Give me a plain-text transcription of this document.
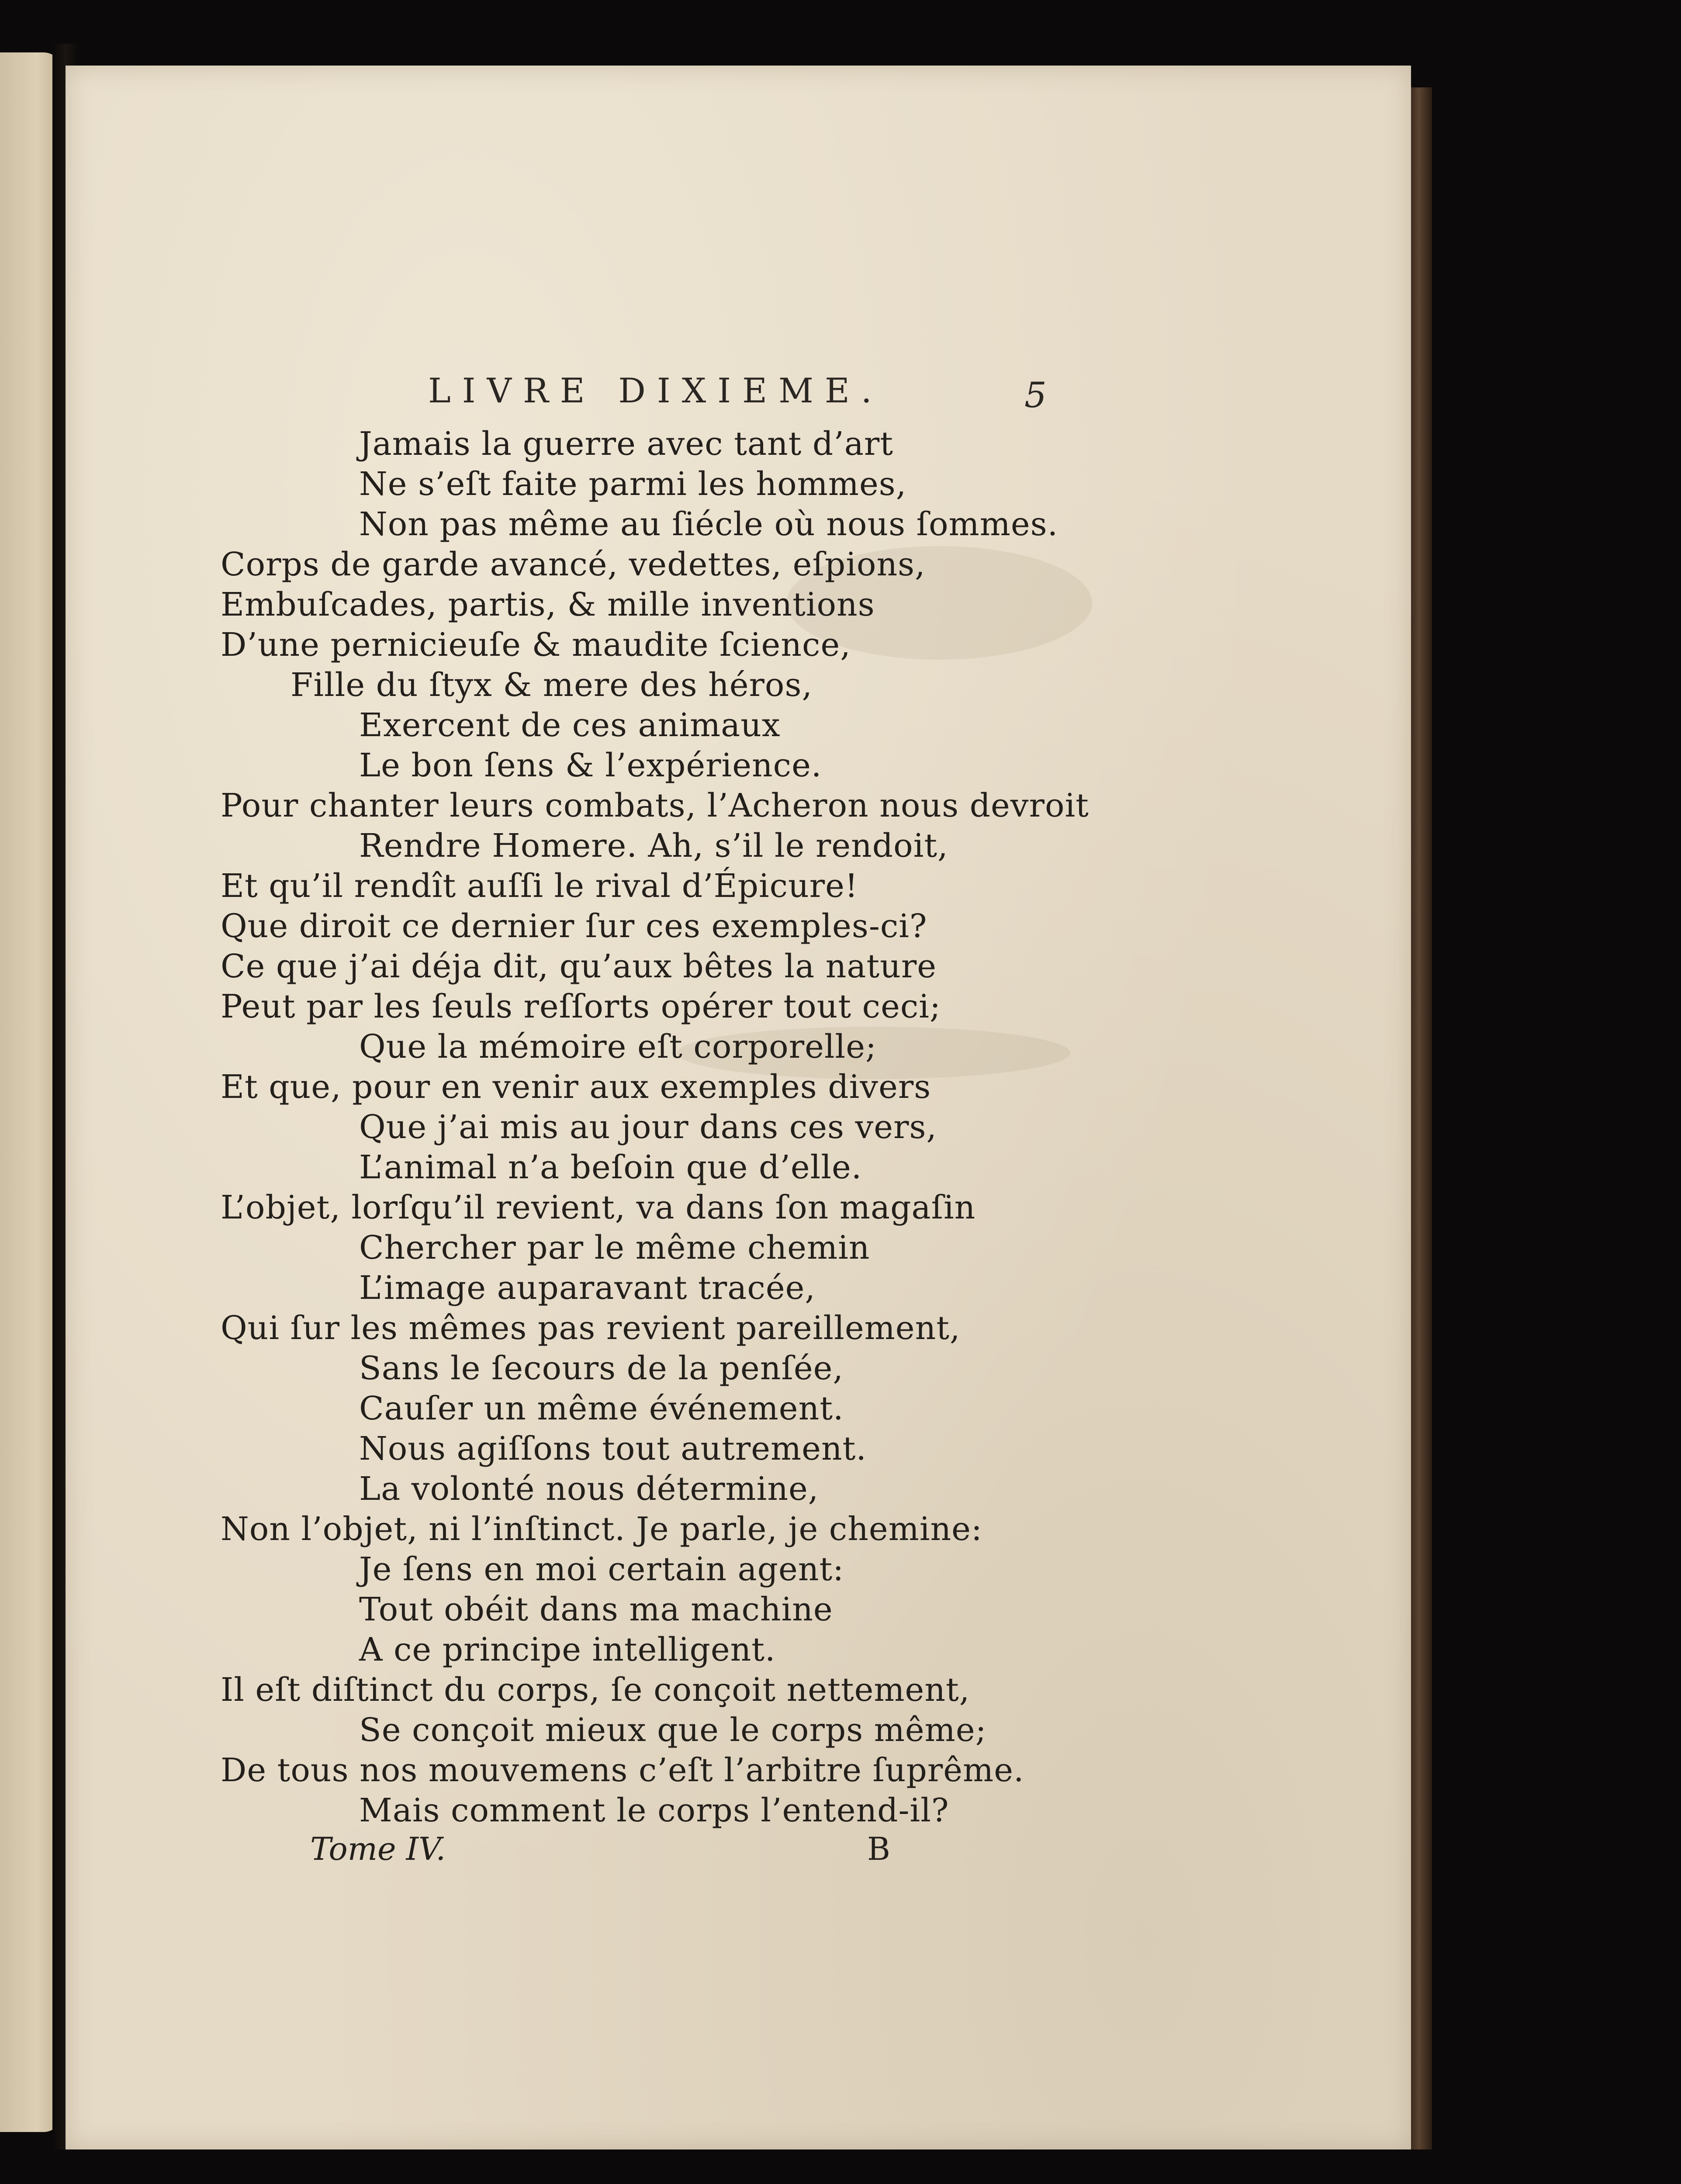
LIVRE DIXIEME.	5
Jamais la guerre avec tant d’art
Ne s’eſt faite parmi les hommes,
Non pas même au ſiécle où nous ſommes.
Corps de garde avancé, vedettes, eſpions,
Embuſcades, partis, & mille inventions
D’une pernicieuſe & maudite ſcience,
Fille du ſtyx & mere des héros,
Exercent de ces animaux
Le bon ſens & l’expérience.
Pour chanter leurs combats, l’Acheron nous devroit
Rendre Homere. Ah, s’il le rendoit,
Et qu’il rendît auſſi le rival d’Épicure!
Que diroit ce dernier ſur ces exemples-ci?
Ce que j’ai déja dit, qu’aux bêtes la nature
Peut par les ſeuls reſſorts opérer tout ceci;
Que la mémoire eſt corporelle;
Et que, pour en venir aux exemples divers
Que j’ai mis au jour dans ces vers,
L’animal n’a beſoin que d’elle.
L’objet, lorſqu’il revient, va dans ſon magaſin
Chercher par le même chemin
L’image auparavant tracée,
Qui ſur les mêmes pas revient pareillement,
Sans le ſecours de la penſée,
Cauſer un même événement.
Nous agiſſons tout autrement.
La volonté nous détermine,
Non l’objet, ni l’inſtinct. Je parle, je chemine:
Je ſens en moi certain agent:
Tout obéit dans ma machine
A ce principe intelligent.
Il eſt diſtinct du corps, ſe conçoit nettement,
Se conçoit mieux que le corps même;
De tous nos mouvemens c’eſt l’arbitre ſuprême.
Mais comment le corps l’entend-il?
Tome IV.	B
